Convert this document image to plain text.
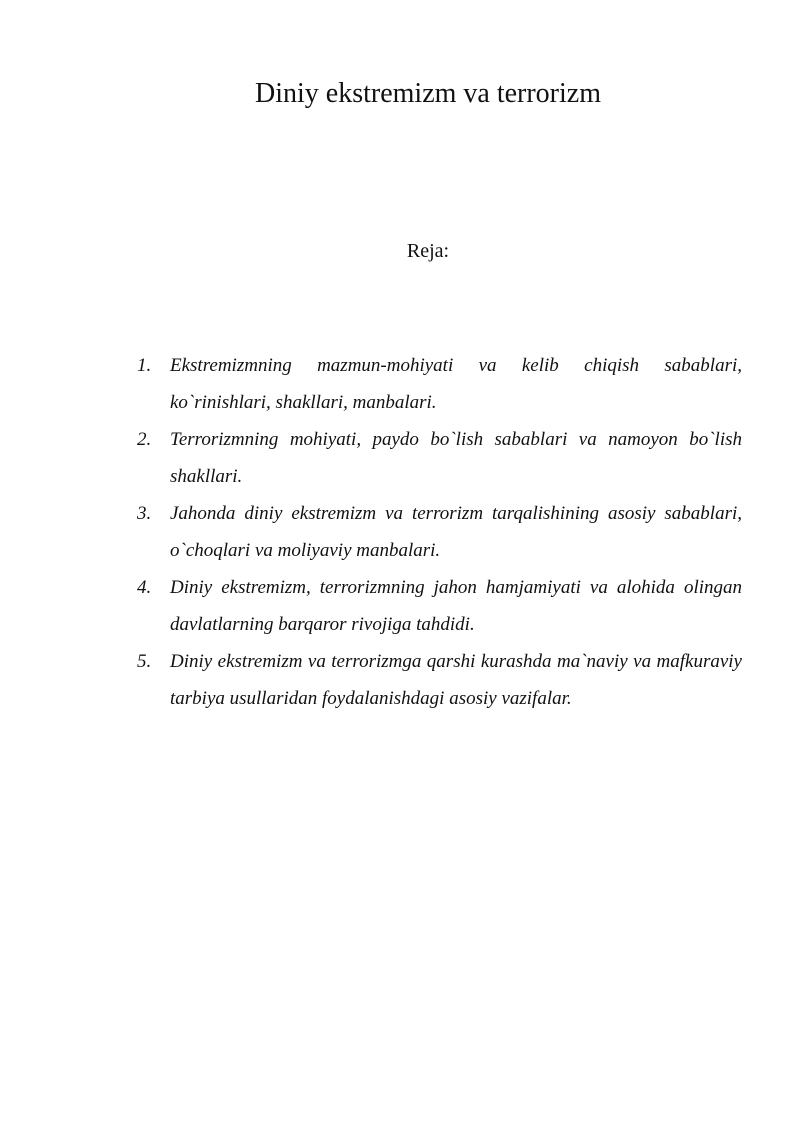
Diniy ekstremizm va terrorizm
Reja:
1. Ekstremizmning mazmun-mohiyati va kelib chiqish sabablari, ko`rinishlari, shakllari, manbalari.
2. Terrorizmning mohiyati, paydo bo`lish sabablari va namoyon bo`lish shakllari.
3. Jahonda diniy ekstremizm va terrorizm tarqalishining asosiy sabablari, o`choqlari va moliyaviy manbalari.
4. Diniy ekstremizm, terrorizmning jahon hamjamiyati va alohida olingan davlatlarning barqaror rivojiga tahdidi.
5. Diniy ekstremizm va terrorizmga qarshi kurashda ma`naviy va mafkuraviy tarbiya usullaridan foydalanishdagi asosiy vazifalar.
